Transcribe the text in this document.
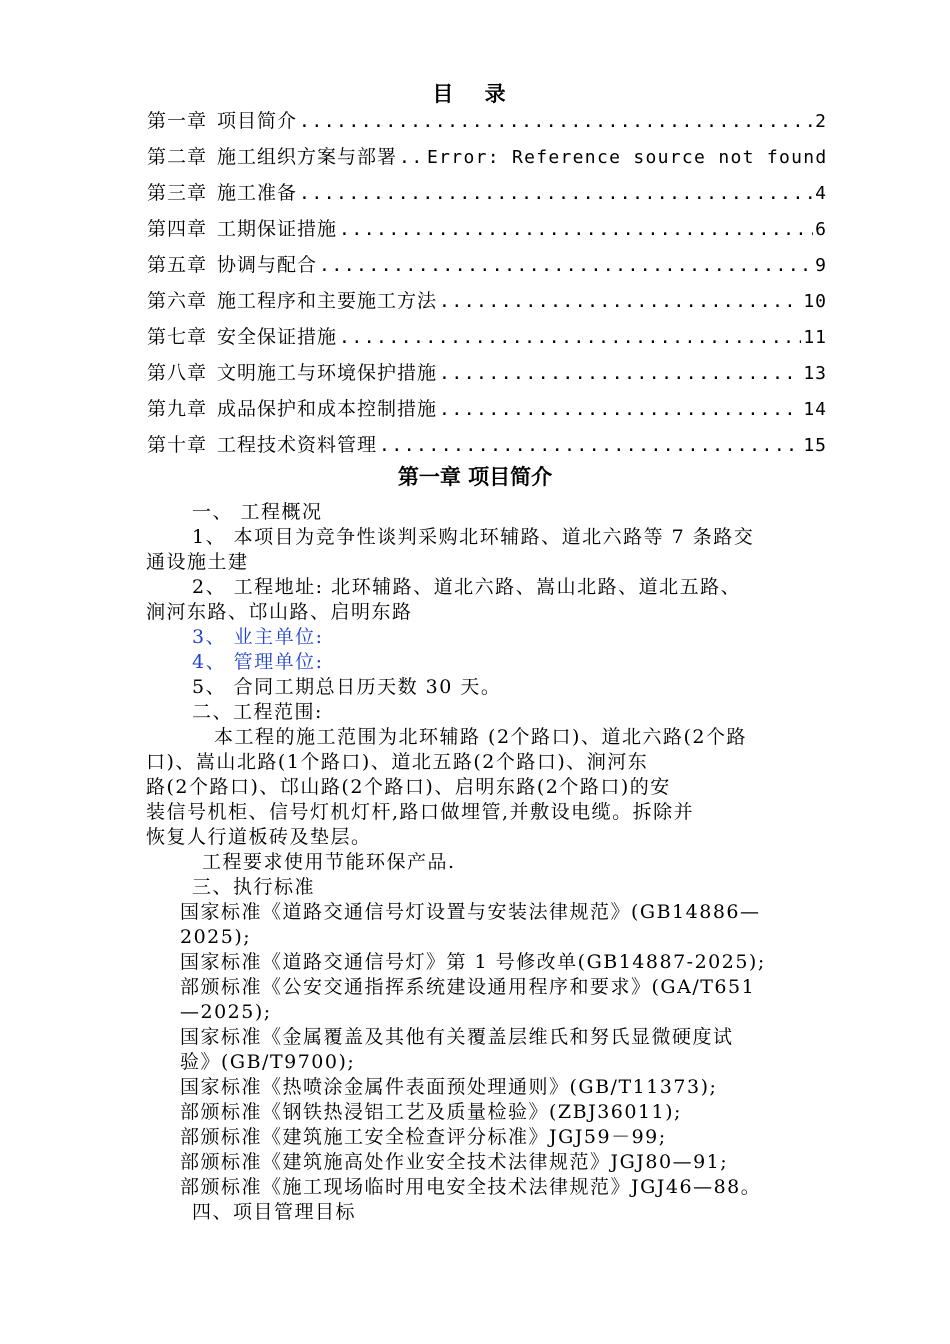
目 录
第一章 项目简介 .....	2
第二章 施工组织方案与部署 ..... Error: Reference source not found
第三章 施工准备 .....	4
第四章 工期保证措施 .....	6
第五章 协调与配合 .....	9
第六章 施工程序和主要施工方法 .....	10
第七章 安全保证措施 .....	11
第八章 文明施工与环境保护措施 .....	13
第九章 成品保护和成本控制措施 .....	14
第十章 工程技术资料管理 .....	15
第一章 项目简介
一、 工程概况
1、 本项目为竞争性谈判采购北环辅路、道北六路等 7 条路交
通设施土建
2、 工程地址: 北环辅路、道北六路、嵩山北路、道北五路、
涧河东路、邙山路、启明东路
3、 业主单位:
4、 管理单位:
5、 合同工期总日历天数 30 天。
二、工程范围:
本工程的施工范围为北环辅路 (2个路口)、道北六路(2个路
口)、嵩山北路(1个路口)、道北五路(2个路口)、涧河东
路(2个路口)、邙山路(2个路口)、启明东路(2个路口)的安
装信号机柜、信号灯机灯杆,路口做埋管,并敷设电缆。拆除并
恢复人行道板砖及垫层。
工程要求使用节能环保产品.
三、执行标准
国家标准《道路交通信号灯设置与安装法律规范》(GB14886—
2025);
国家标准《道路交通信号灯》第 1 号修改单(GB14887-2025);
部颁标准《公安交通指挥系统建设通用程序和要求》(GA/T651
—2025);
国家标准《金属覆盖及其他有关覆盖层维氏和努氏显微硬度试
验》(GB/T9700);
国家标准《热喷涂金属件表面预处理通则》(GB/T11373);
部颁标准《钢铁热浸铝工艺及质量检验》(ZBJ36011);
部颁标准《建筑施工安全检查评分标准》JGJ59－99;
部颁标准《建筑施高处作业安全技术法律规范》JGJ80—91;
部颁标准《施工现场临时用电安全技术法律规范》JGJ46—88。
四、项目管理目标
